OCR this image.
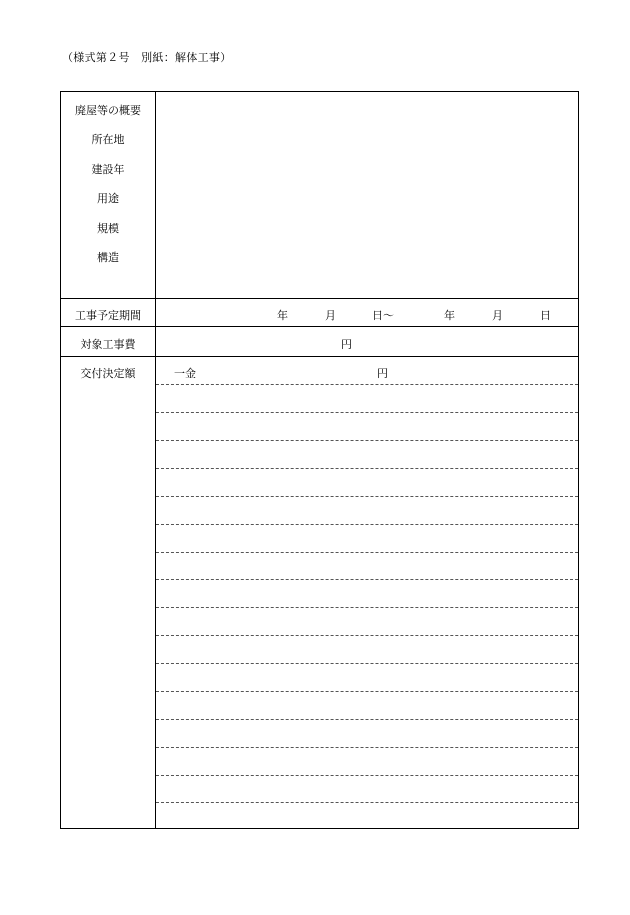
（様式第２号　別紙：解体工事）
廃屋等の概要
所在地
建設年
用途
規模
構造
工事予定期間	年	月	日～	年	月	日
対象工事費	円
交付決定額	一金	円
